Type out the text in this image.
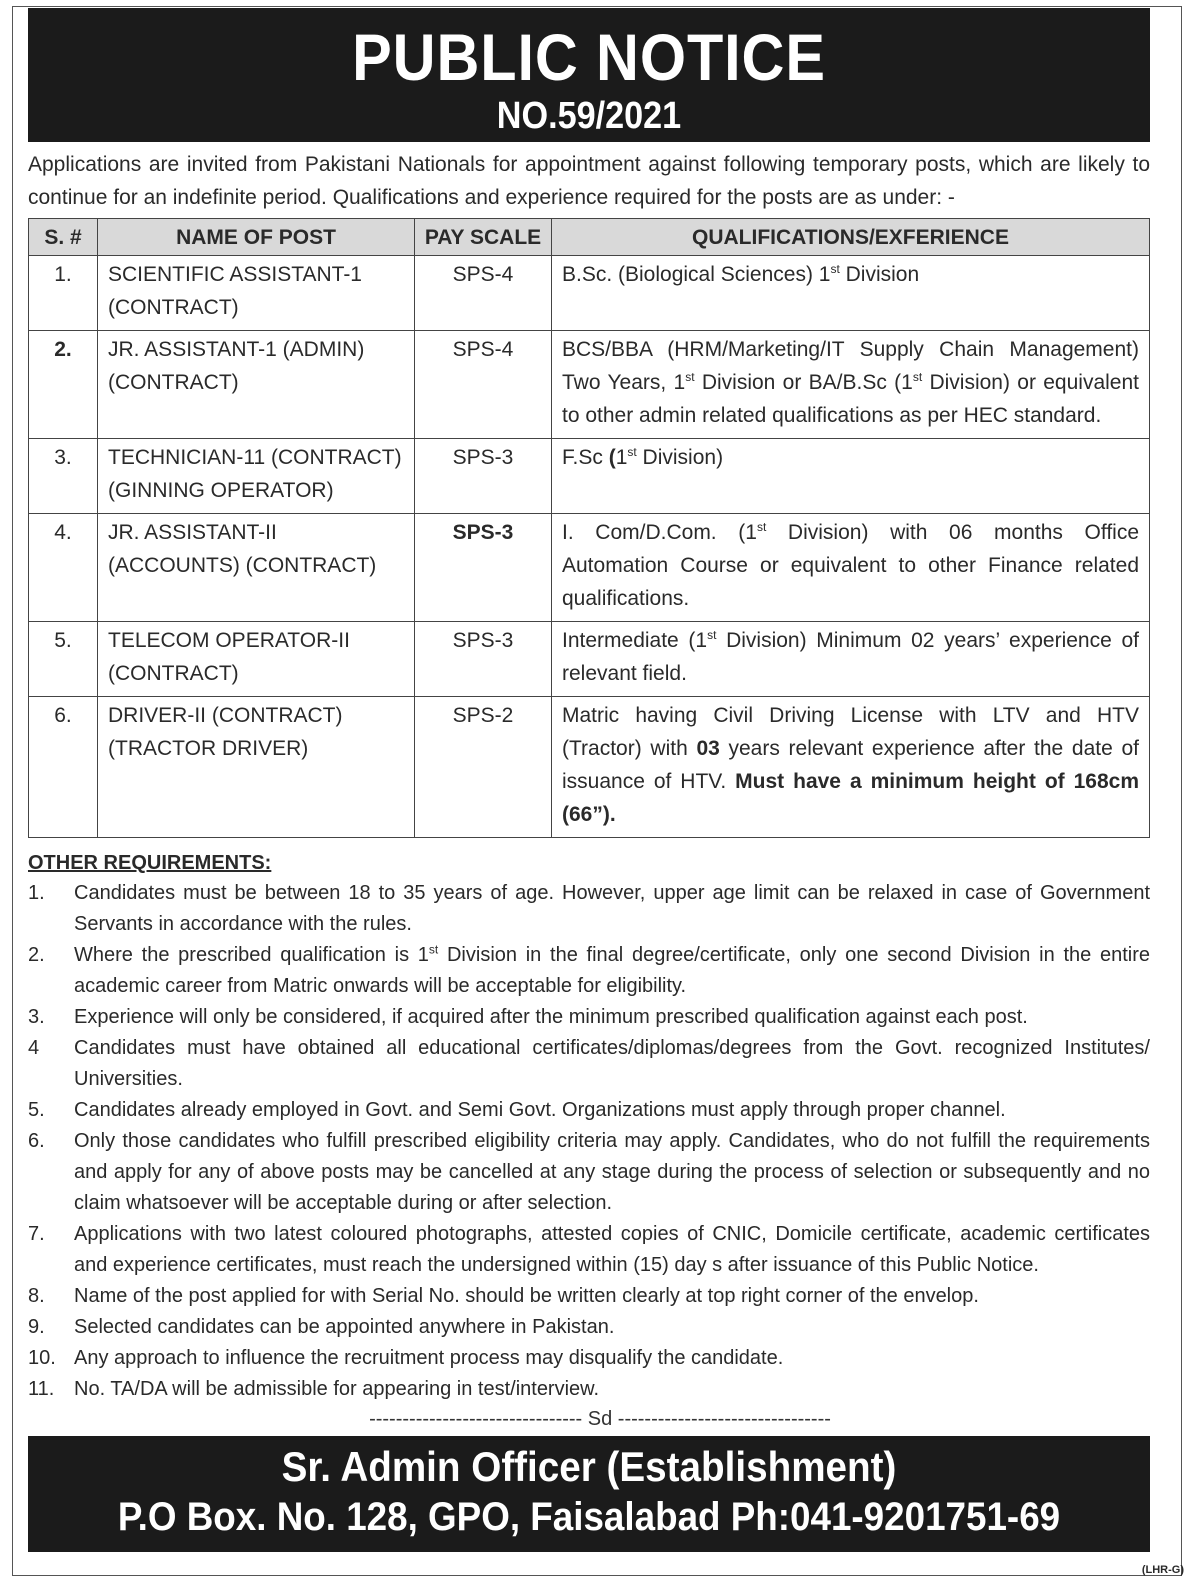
PUBLIC NOTICE
NO.59/2021
Applications are invited from Pakistani Nationals for appointment against following temporary posts, which are likely to continue for an indefinite period. Qualifications and experience required for the posts are as under: -
S. #	NAME OF POST	PAY SCALE	QUALIFICATIONS/EXFERIENCE
1.	SCIENTIFIC ASSISTANT-1 (CONTRACT)	SPS-4	B.Sc. (Biological Sciences) 1st Division
2.	JR. ASSISTANT-1 (ADMIN) (CONTRACT)	SPS-4	BCS/BBA (HRM/Marketing/IT Supply Chain Management) Two Years, 1st Division or BA/B.Sc (1st Division) or equivalent to other admin related qualifications as per HEC standard.
3.	TECHNICIAN-11 (CONTRACT) (GINNING OPERATOR)	SPS-3	F.Sc (1st Division)
4.	JR. ASSISTANT-II (ACCOUNTS) (CONTRACT)	SPS-3	I. Com/D.Com. (1st Division) with 06 months Office Automation Course or equivalent to other Finance related qualifications.
5.	TELECOM OPERATOR-II (CONTRACT)	SPS-3	Intermediate (1st Division) Minimum 02 years’ experience of relevant field.
6.	DRIVER-II (CONTRACT) (TRACTOR DRIVER)	SPS-2	Matric having Civil Driving License with LTV and HTV (Tractor) with 03 years relevant experience after the date of issuance of HTV. Must have a minimum height of 168cm (66”).
OTHER REQUIREMENTS:
1.	Candidates must be between 18 to 35 years of age. However, upper age limit can be relaxed in case of Government Servants in accordance with the rules.
2.	Where the prescribed qualification is 1st Division in the final degree/certificate, only one second Division in the entire academic career from Matric onwards will be acceptable for eligibility.
3.	Experience will only be considered, if acquired after the minimum prescribed qualification against each post.
4	Candidates must have obtained all educational certificates/diplomas/degrees from the Govt. recognized Institutes/ Universities.
5.	Candidates already employed in Govt. and Semi Govt. Organizations must apply through proper channel.
6.	Only those candidates who fulfill prescribed eligibility criteria may apply. Candidates, who do not fulfill the requirements and apply for any of above posts may be cancelled at any stage during the process of selection or subsequently and no claim whatsoever will be acceptable during or after selection.
7.	Applications with two latest coloured photographs, attested copies of CNIC, Domicile certificate, academic certificates and experience certificates, must reach the undersigned within (15) day s after issuance of this Public Notice.
8.	Name of the post applied for with Serial No. should be written clearly at top right corner of the envelop.
9.	Selected candidates can be appointed anywhere in Pakistan.
10. Any approach to influence the recruitment process may disqualify the candidate.
11. No. TA/DA will be admissible for appearing in test/interview.
-------------------------------- Sd --------------------------------
Sr. Admin Officer (Establishment)
P.O Box. No. 128, GPO, Faisalabad Ph:041-9201751-69
(LHR-G)
